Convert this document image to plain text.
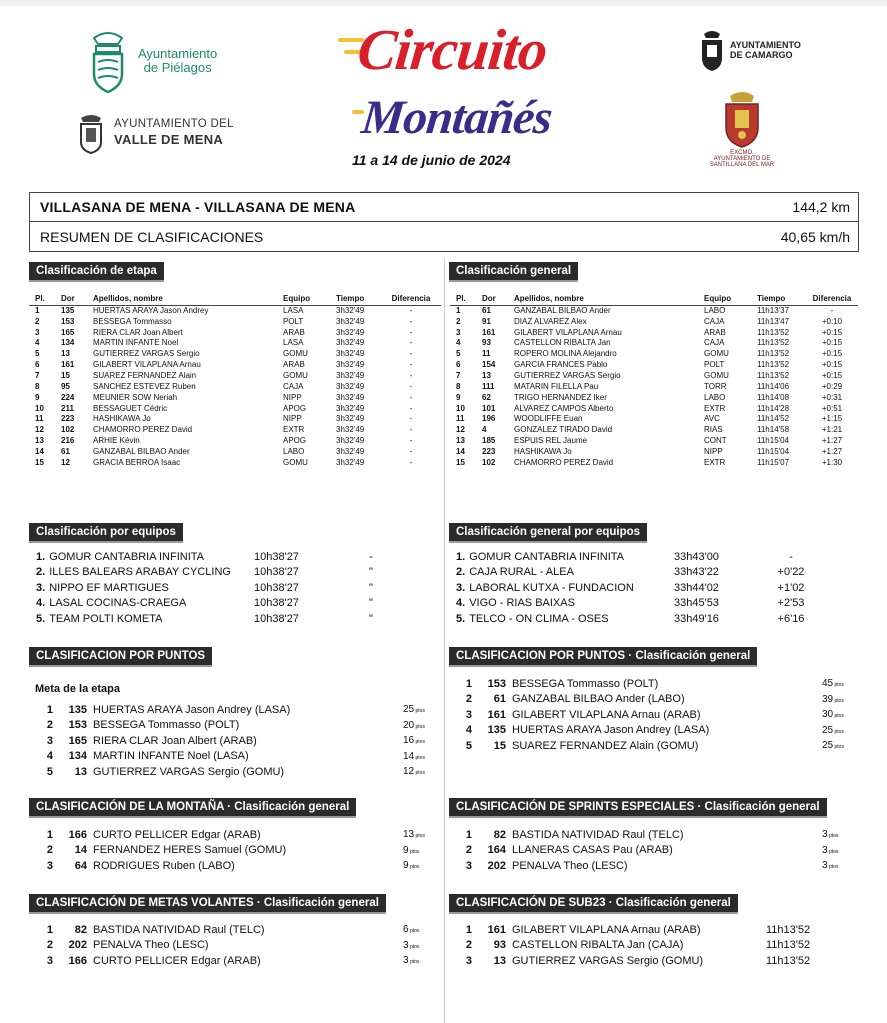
Ayuntamiento
de Piélagos
AYUNTAMIENTO DEL
VALLE DE MENA
AYUNTAMIENTO
DE CAMARGO
EXCMO. AYUNTAMIENTO DE
SANTILLANA DEL MAR
Circuito
Montañés
11 a 14 de junio de 2024
VILLASANA DE MENA - VILLASANA DE MENA	144,2 km
RESUMEN DE CLASIFICACIONES	40,65 km/h
Clasificación de etapa	Clasificación general
Pl.	Dor	Apellidos, nombre	Equipo	Tiempo	Diferencia
1	135	HUERTAS ARAYA Jason Andrey	LASA	3h32'49	-
2	153	BESSEGA Tommasso	POLT	3h32'49	-
3	165	RIERA CLAR Joan Albert	ARAB	3h32'49	-
4	134	MARTIN INFANTE Noel	LASA	3h32'49	-
5	13	GUTIERREZ VARGAS Sergio	GOMU	3h32'49	-
6	161	GILABERT VILAPLANA Arnau	ARAB	3h32'49	-
7	15	SUAREZ FERNANDEZ Alain	GOMU	3h32'49	-
8	95	SANCHEZ ESTEVEZ Ruben	CAJA	3h32'49	-
9	224	MEUNIER SOW Neriah	NIPP	3h32'49	-
10	211	BESSAGUET Cédric	APOG	3h32'49	-
11	223	HASHIKAWA Jo	NIPP	3h32'49	-
12	102	CHAMORRO PEREZ David	EXTR	3h32'49	-
13	216	ARHIE Kévin	APOG	3h32'49	-
14	61	GANZABAL BILBAO Ander	LABO	3h32'49	-
15	12	GRACIA BERROA Isaac	GOMU	3h32'49	-
Pl.	Dor	Apellidos, nombre	Equipo	Tiempo	Diferencia
1	61	GANZABAL BILBAO Ander	LABO	11h13'37	-
2	91	DIAZ ALVAREZ Alex	CAJA	11h13'47	+0:10
3	161	GILABERT VILAPLANA Arnau	ARAB	11h13'52	+0:15
4	93	CASTELLON RIBALTA Jan	CAJA	11h13'52	+0:15
5	11	ROPERO MOLINA Alejandro	GOMU	11h13'52	+0:15
6	154	GARCIA FRANCES Pablo	POLT	11h13'52	+0:15
7	13	GUTIERREZ VARGAS Sergio	GOMU	11h13'52	+0:15
8	111	MATARIN FILELLA Pau	TORR	11h14'06	+0:29
9	62	TRIGO HERNANDEZ Iker	LABO	11h14'08	+0:31
10	101	ALVAREZ CAMPOS Alberto	EXTR	11h14'28	+0:51
11	196	WOODLIFFE Euan	AVC	11h14'52	+1:15
12	4	GONZALEZ TIRADO David	RIAS	11h14'58	+1:21
13	185	ESPUIS REL Jaume	CONT	11h15'04	+1:27
14	223	HASHIKAWA Jo	NIPP	11h15'04	+1:27
15	102	CHAMORRO PEREZ David	EXTR	11h15'07	+1:30
Clasificación por equipos
1. GOMUR CANTABRIA INFINITA	10h38'27	-
2. ILLES BALEARS ARABAY CYCLING	10h38'27	"
3. NIPPO EF MARTIGUES	10h38'27	"
4. LASAL COCINAS-CRAEGA	10h38'27	"
5. TEAM POLTI KOMETA	10h38'27	"
Clasificación general por equipos
1. GOMUR CANTABRIA INFINITA	33h43'00	-
2. CAJA RURAL - ALEA	33h43'22	+0'22
3. LABORAL KUTXA - FUNDACION	33h44'02	+1'02
4. VIGO - RIAS BAIXAS	33h45'53	+2'53
5. TELCO - ON CLIMA - OSES	33h49'16	+6'16
CLASIFICACION POR PUNTOS
Meta de la etapa
1	135 HUERTAS ARAYA Jason Andrey (LASA)	25 ptos
2	153 BESSEGA Tommasso (POLT)	20 ptos
3	165 RIERA CLAR Joan Albert (ARAB)	16 ptos
4	134 MARTIN INFANTE Noel (LASA)	14 ptos
5	13 GUTIERREZ VARGAS Sergio (GOMU)	12 ptos
CLASIFICACION POR PUNTOS · Clasificación general
1	153 BESSEGA Tommasso (POLT)	45 ptos
2	61 GANZABAL BILBAO Ander (LABO)	39 ptos
3	161 GILABERT VILAPLANA Arnau (ARAB)	30 ptos
4	135 HUERTAS ARAYA Jason Andrey (LASA)	25 ptos
5	15 SUAREZ FERNANDEZ Alain (GOMU)	25 ptos
CLASIFICACIÓN DE LA MONTAÑA · Clasificación general
1	166 CURTO PELLICER Edgar (ARAB)	13 ptos
2	14 FERNANDEZ HERES Samuel (GOMU)	9 ptos
3	64 RODRIGUES Ruben (LABO)	9 ptos
CLASIFICACIÓN DE SPRINTS ESPECIALES · Clasificación general
1	82 BASTIDA NATIVIDAD Raul (TELC)	3 ptos
2	164 LLANERAS CASAS Pau (ARAB)	3 ptos
3	202 PENALVA Theo (LESC)	3 ptos
CLASIFICACIÓN DE METAS VOLANTES · Clasificación general
1	82 BASTIDA NATIVIDAD Raul (TELC)	6 ptos
2	202 PENALVA Theo (LESC)	3 ptos
3	166 CURTO PELLICER Edgar (ARAB)	3 ptos
CLASIFICACIÓN DE SUB23 · Clasificación general
1	161 GILABERT VILAPLANA Arnau (ARAB)	11h13'52
2	93 CASTELLON RIBALTA Jan (CAJA)	11h13'52
3	13 GUTIERREZ VARGAS Sergio (GOMU)	11h13'52
